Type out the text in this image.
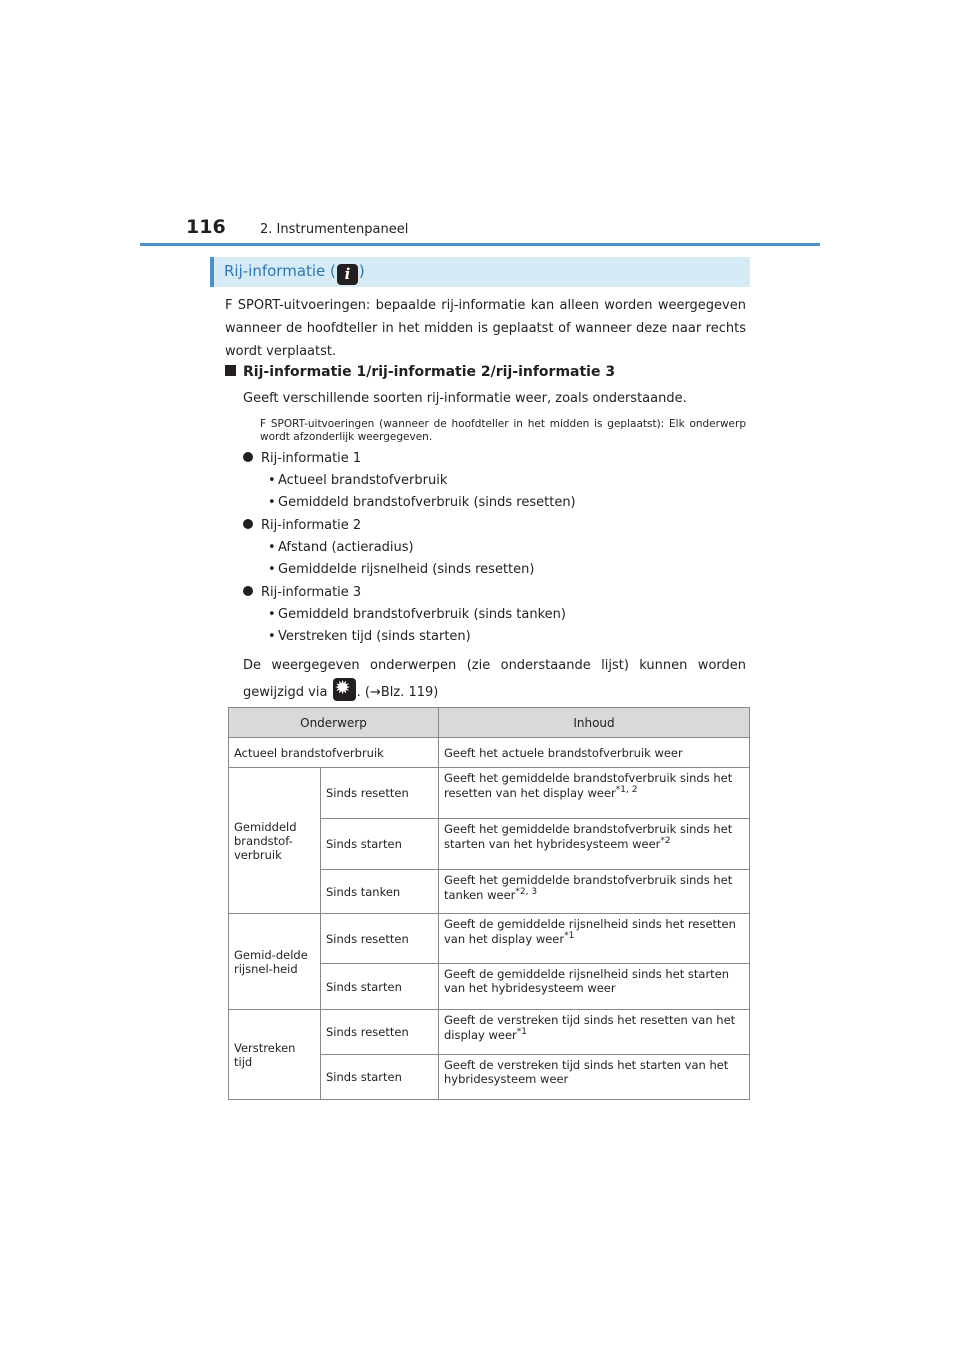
116	2. Instrumentenpaneel
Rij-informatie ( i )

F SPORT-uitvoeringen: bepaalde rij-informatie kan alleen worden weergegeven wanneer de hoofdteller in het midden is geplaatst of wanneer deze naar rechts wordt verplaatst.

Rij-informatie 1/rij-informatie 2/rij-informatie 3
Geeft verschillende soorten rij-informatie weer, zoals onderstaande.

F SPORT-uitvoeringen (wanneer de hoofdteller in het midden is geplaatst): Elk onderwerp wordt afzonderlijk weergegeven.

Rij-informatie 1
• Actueel brandstofverbruik
• Gemiddeld brandstofverbruik (sinds resetten)
Rij-informatie 2
• Afstand (actieradius)
• Gemiddelde rijsnelheid (sinds resetten)
Rij-informatie 3
• Gemiddeld brandstofverbruik (sinds tanken)
• Verstreken tijd (sinds starten)

De weergegeven onderwerpen (zie onderstaande lijst) kunnen worden gewijzigd via ✹ . (→Blz. 119)

Onderwerp		Inhoud
Actueel brandstofverbruik		Geeft het actuele brandstofverbruik weer
Gemiddeld brandstof-verbruik	Sinds resetten	Geeft het gemiddelde brandstofverbruik sinds het resetten van het display weer$^{*1, 2}$
	Sinds starten	Geeft het gemiddelde brandstofverbruik sinds het starten van het hybridesysteem weer$^{*2}$
	Sinds tanken	Geeft het gemiddelde brandstofverbruik sinds het tanken weer$^{*2, 3}$
Gemid-delde rijsnel-heid	Sinds resetten	Geeft de gemiddelde rijsnelheid sinds het resetten van het display weer$^{*1}$
	Sinds starten	Geeft de gemiddelde rijsnelheid sinds het starten van het hybridesysteem weer
Verstreken tijd	Sinds resetten	Geeft de verstreken tijd sinds het resetten van het display weer$^{*1}$
	Sinds starten	Geeft de verstreken tijd sinds het starten van het hybridesysteem weer
